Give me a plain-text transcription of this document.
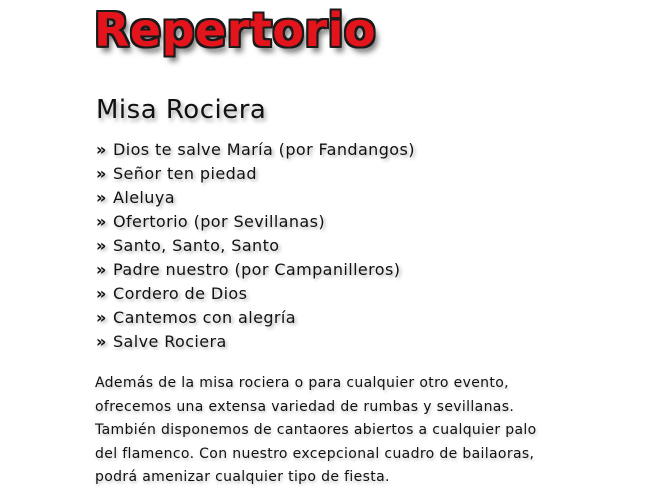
Repertorio
Misa Rociera
» Dios te salve María (por Fandangos)
» Señor ten piedad
» Aleluya
» Ofertorio (por Sevillanas)
» Santo, Santo, Santo
» Padre nuestro (por Campanilleros)
» Cordero de Dios
» Cantemos con alegría
» Salve Rociera

Además de la misa rociera o para cualquier otro evento,
ofrecemos una extensa variedad de rumbas y sevillanas.
También disponemos de cantaores abiertos a cualquier palo
del flamenco. Con nuestro excepcional cuadro de bailaoras,
podrá amenizar cualquier tipo de fiesta.
